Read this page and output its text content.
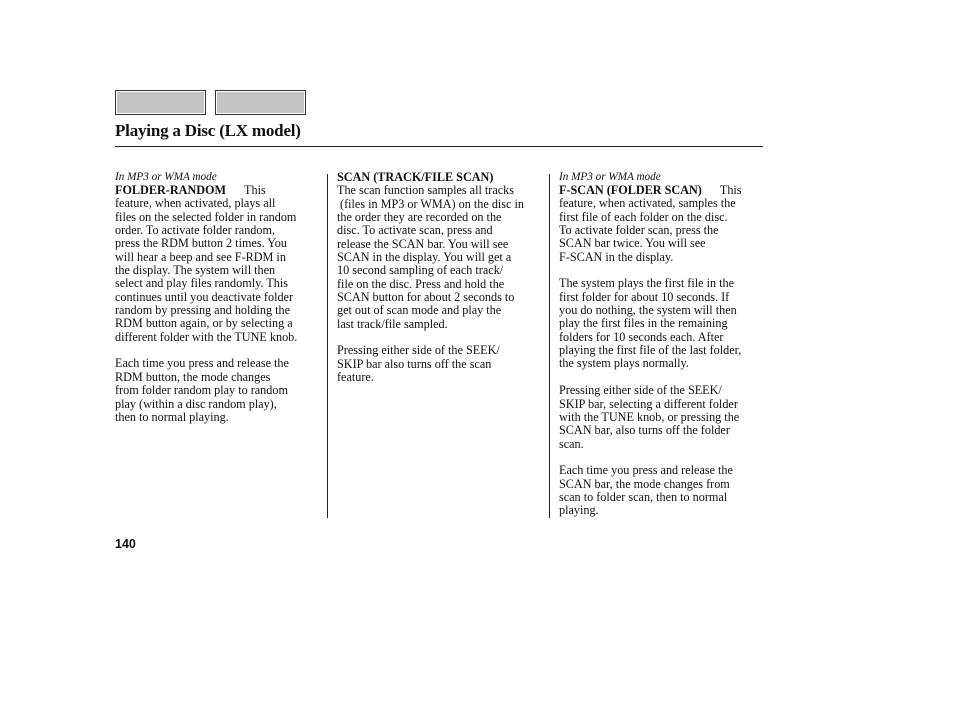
Playing a Disc (LX model)
In MP3 or WMA mode
FOLDER-RANDOM This
feature, when activated, plays all
files on the selected folder in random
order. To activate folder random,
press the RDM button 2 times. You
will hear a beep and see F-RDM in
the display. The system will then
select and play files randomly. This
continues until you deactivate folder
random by pressing and holding the
RDM button again, or by selecting a
different folder with the TUNE knob.
Each time you press and release the
RDM button, the mode changes
from folder random play to random
play (within a disc random play),
then to normal playing.
SCAN (TRACK/FILE SCAN)
The scan function samples all tracks
(files in MP3 or WMA) on the disc in
the order they are recorded on the
disc. To activate scan, press and
release the SCAN bar. You will see
SCAN in the display. You will get a
10 second sampling of each track/
file on the disc. Press and hold the
SCAN button for about 2 seconds to
get out of scan mode and play the
last track/file sampled.
Pressing either side of the SEEK/
SKIP bar also turns off the scan
feature.
In MP3 or WMA mode
F-SCAN (FOLDER SCAN) This
feature, when activated, samples the
first file of each folder on the disc.
To activate folder scan, press the
SCAN bar twice. You will see
F-SCAN in the display.
The system plays the first file in the
first folder for about 10 seconds. If
you do nothing, the system will then
play the first files in the remaining
folders for 10 seconds each. After
playing the first file of the last folder,
the system plays normally.
Pressing either side of the SEEK/
SKIP bar, selecting a different folder
with the TUNE knob, or pressing the
SCAN bar, also turns off the folder
scan.
Each time you press and release the
SCAN bar, the mode changes from
scan to folder scan, then to normal
playing.
140
